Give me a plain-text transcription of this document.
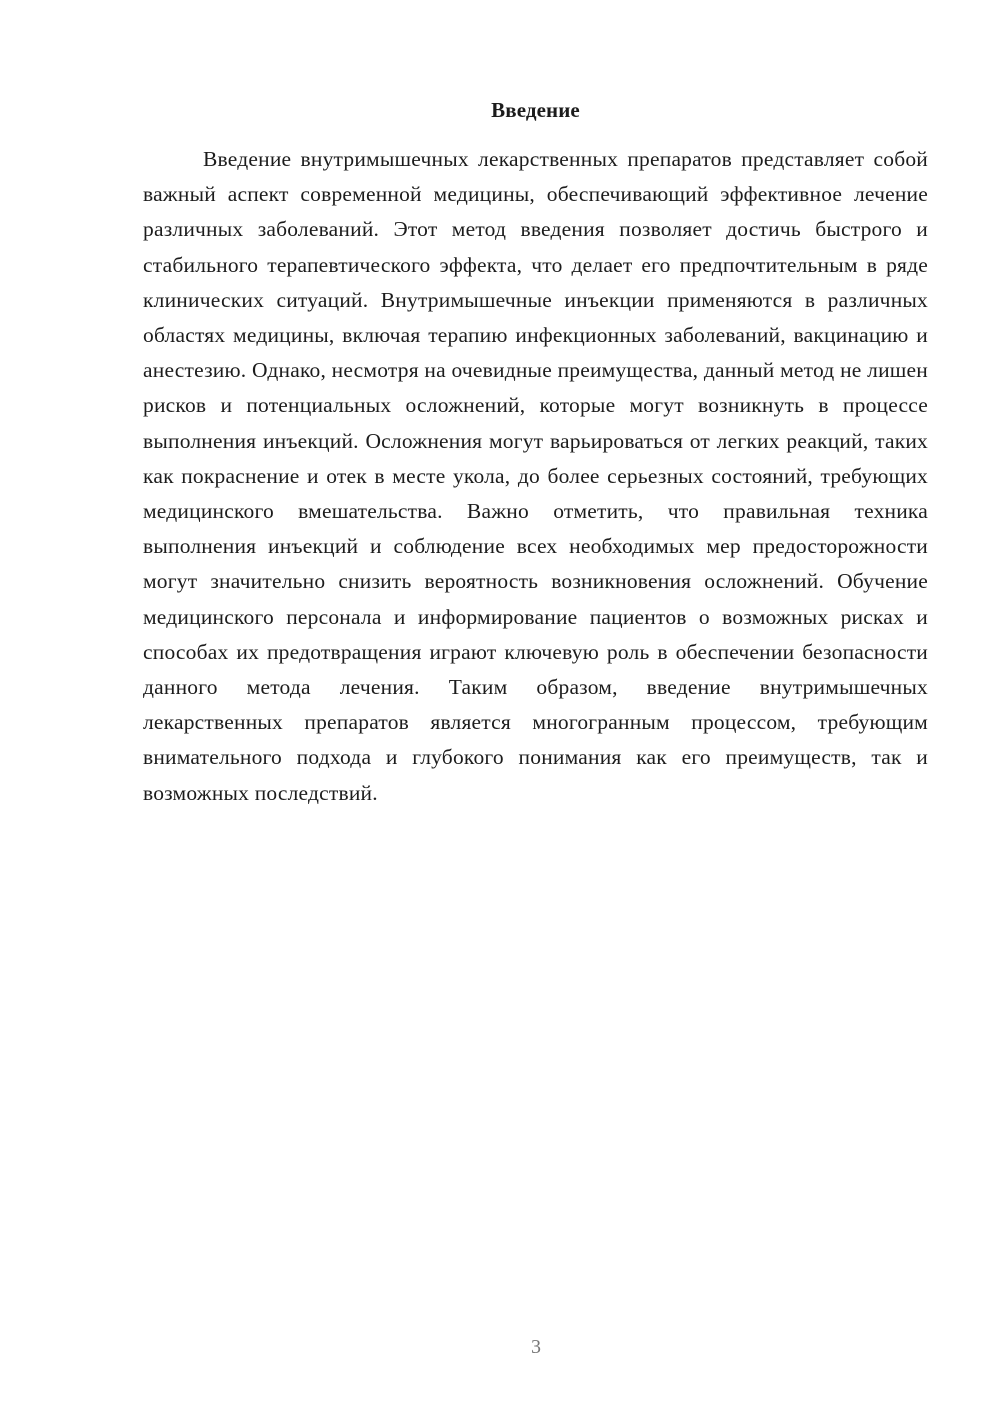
Введение

Введение внутримышечных лекарственных препаратов представляет собой важный аспект современной медицины, обеспечивающий эффективное лечение различных заболеваний. Этот метод введения позволяет достичь быстрого и стабильного терапевтического эффекта, что делает его предпочтительным в ряде клинических ситуаций. Внутримышечные инъекции применяются в различных областях медицины, включая терапию инфекционных заболеваний, вакцинацию и анестезию. Однако, несмотря на очевидные преимущества, данный метод не лишен рисков и потенциальных осложнений, которые могут возникнуть в процессе выполнения инъекций. Осложнения могут варьироваться от легких реакций, таких как покраснение и отек в месте укола, до более серьезных состояний, требующих медицинского вмешательства. Важно отметить, что правильная техника выполнения инъекций и соблюдение всех необходимых мер предосторожности могут значительно снизить вероятность возникновения осложнений. Обучение медицинского персонала и информирование пациентов о возможных рисках и способах их предотвращения играют ключевую роль в обеспечении безопасности данного метода лечения. Таким образом, введение внутримышечных лекарственных препаратов является многогранным процессом, требующим внимательного подхода и глубокого понимания как его преимуществ, так и возможных последствий.

3
